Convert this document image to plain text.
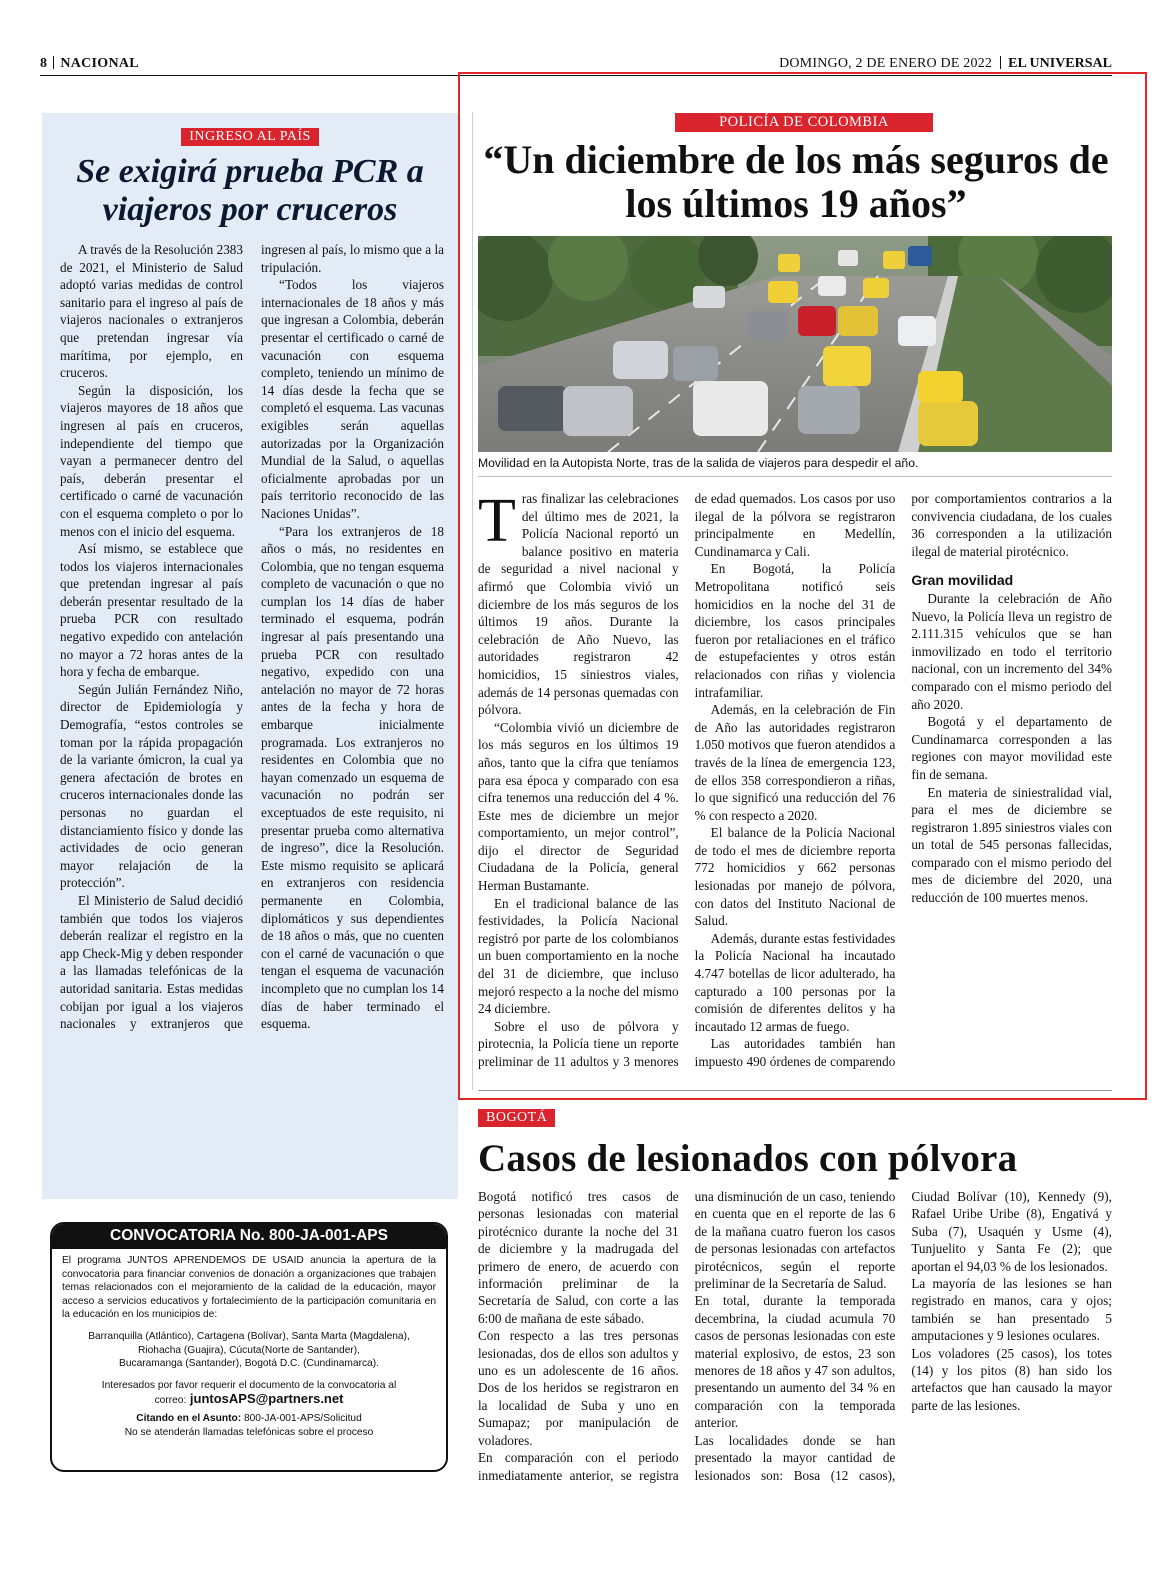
8 NACIONAL	DOMINGO, 2 DE ENERO DE 2022 EL UNIVERSAL
INGRESO AL PAÍS
Se exigirá prueba PCR a viajeros por cruceros

A través de la Resolución 2383 de 2021, el Ministerio de Salud adoptó varias medidas de control sanitario para el ingreso al país de viajeros nacionales o extranjeros que pretendan ingresar vía marítima, por ejemplo, en cruceros.

Según la disposición, los viajeros mayores de 18 años que ingresen al país en cruceros, independiente del tiempo que vayan a permanecer dentro del país, deberán presentar el certificado o carné de vacunación con el esquema completo o por lo menos con el inicio del esquema.

Así mismo, se establece que todos los viajeros internacionales que pretendan ingresar al país deberán presentar resultado de la prueba PCR con resultado negativo expedido con antelación no mayor a 72 horas antes de la hora y fecha de embarque.

Según Julián Fernández Niño, director de Epidemiología y Demografía, “estos controles se toman por la rápida propagación de la variante ómicron, la cual ya genera afectación de brotes en cruceros internacionales donde las personas no guardan el distanciamiento físico y donde las actividades de ocio generan mayor relajación de la protección”.

El Ministerio de Salud decidió también que todos los viajeros deberán realizar el registro en la app Check-Mig y deben responder a las llamadas telefónicas de la autoridad sanitaria. Estas medidas cobijan por igual a los viajeros nacionales y extranjeros que ingresen al país, lo mismo que a la tripulación.

“Todos los viajeros internacionales de 18 años y más que ingresan a Colombia, deberán presentar el certificado o carné de vacunación con esquema completo, teniendo un mínimo de 14 días desde la fecha que se completó el esquema. Las vacunas exigibles serán aquellas autorizadas por la Organización Mundial de la Salud, o aquellas oficialmente aprobadas por un país territorio reconocido de las Naciones Unidas”.

“Para los extranjeros de 18 años o más, no residentes en Colombia, que no tengan esquema completo de vacunación o que no cumplan los 14 días de haber terminado el esquema, podrán ingresar al país presentando una prueba PCR con resultado negativo, expedido con una antelación no mayor de 72 horas antes de la fecha y hora de embarque inicialmente programada. Los extranjeros no residentes en Colombia que no hayan comenzado un esquema de vacunación no podrán ser exceptuados de este requisito, ni presentar prueba como alternativa de ingreso”, dice la Resolución. Este mismo requisito se aplicará en extranjeros con residencia permanente en Colombia, diplomáticos y sus dependientes de 18 años o más, que no cuenten con el carné de vacunación o que tengan el esquema de vacunación incompleto que no cumplan los 14 días de haber terminado el esquema.

CONVOCATORIA No. 800-JA-001-APS
El programa JUNTOS APRENDEMOS DE USAID anuncia la apertura de la convocatoria para financiar convenios de donación a organizaciones que trabajen temas relacionados con el mejoramiento de la calidad de la educación, mayor acceso a servicios educativos y fortalecimiento de la participación comunitaria en la educación en los municipios de:
Barranquilla (Atlántico), Cartagena (Bolívar), Santa Marta (Magdalena),
Riohacha (Guajira), Cúcuta(Norte de Santander),
Bucaramanga (Santander), Bogotá D.C. (Cundinamarca).
Interesados por favor requerir el documento de la convocatoria al
correo: juntosAPS@partners.net
Citando en el Asunto: 800-JA-001-APS/Solicitud
No se atenderán llamadas telefónicas sobre el proceso
POLICÍA DE COLOMBIA
“Un diciembre de los más seguros de los últimos 19 años”
Movilidad en la Autopista Norte, tras de la salida de viajeros para despedir el año.

Tras finalizar las celebraciones del último mes de 2021, la Policía Nacional reportó un balance positivo en materia de seguridad a nivel nacional y afirmó que Colombia vivió un diciembre de los más seguros de los últimos 19 años. Durante la celebración de Año Nuevo, las autoridades registraron 42 homicidios, 15 siniestros viales, además de 14 personas quemadas con pólvora.

“Colombia vivió un diciembre de los más seguros en los últimos 19 años, tanto que la cifra que teníamos para esa época y comparado con esa cifra tenemos una reducción del 4 %. Este mes de diciembre un mejor comportamiento, un mejor control”, dijo el director de Seguridad Ciudadana de la Policía, general Herman Bustamante.

En el tradicional balance de las festividades, la Policía Nacional registró por parte de los colombianos un buen comportamiento en la noche del 31 de diciembre, que incluso mejoró respecto a la noche del mismo 24 diciembre.

Sobre el uso de pólvora y pirotecnia, la Policía tiene un reporte preliminar de 11 adultos y 3 menores de edad quemados. Los casos por uso ilegal de la pólvora se registraron principalmente en Medellín, Cundinamarca y Cali.

En Bogotá, la Policía Metropolitana notificó seis homicidios en la noche del 31 de diciembre, los casos principales fueron por retaliaciones en el tráfico de estupefacientes y otros están relacionados con riñas y violencia intrafamiliar.

Además, en la celebración de Fin de Año las autoridades registraron 1.050 motivos que fueron atendidos a través de la línea de emergencia 123, de ellos 358 correspondieron a riñas, lo que significó una reducción del 76 % con respecto a 2020.

El balance de la Policía Nacional de todo el mes de diciembre reporta 772 homicidios y 662 personas lesionadas por manejo de pólvora, con datos del Instituto Nacional de Salud.

Además, durante estas festividades la Policía Nacional ha incautado 4.747 botellas de licor adulterado, ha capturado a 100 personas por la comisión de diferentes delitos y ha incautado 12 armas de fuego.

Las autoridades también han impuesto 490 órdenes de comparendo por comportamientos contrarios a la convivencia ciudadana, de los cuales 36 corresponden a la utilización ilegal de material pirotécnico.

Gran movilidad

Durante la celebración de Año Nuevo, la Policía lleva un registro de 2.111.315 vehículos que se han inmovilizado en todo el territorio nacional, con un incremento del 34% comparado con el mismo periodo del año 2020.

Bogotá y el departamento de Cundinamarca corresponden a las regiones con mayor movilidad este fin de semana.

En materia de siniestralidad vial, para el mes de diciembre se registraron 1.895 siniestros viales con un total de 545 personas fallecidas, comparado con el mismo periodo del mes de diciembre del 2020, una reducción de 100 muertes menos.

BOGOTÁ
Casos de lesionados con pólvora

Bogotá notificó tres casos de personas lesionadas con material pirotécnico durante la noche del 31 de diciembre y la madrugada del primero de enero, de acuerdo con información preliminar de la Secretaría de Salud, con corte a las 6:00 de mañana de este sábado.

Con respecto a las tres personas lesionadas, dos de ellos son adultos y uno es un adolescente de 16 años. Dos de los heridos se registraron en la localidad de Suba y uno en Sumapaz; por manipulación de voladores.

En comparación con el periodo inmediatamente anterior, se registra una disminución de un caso, teniendo en cuenta que en el reporte de las 6 de la mañana cuatro fueron los casos de personas lesionadas con artefactos pirotécnicos, según el reporte preliminar de la Secretaría de Salud.

En total, durante la temporada decembrina, la ciudad acumula 70 casos de personas lesionadas con este material explosivo, de estos, 23 son menores de 18 años y 47 son adultos, presentando un aumento del 34 % en comparación con la temporada anterior.

Las localidades donde se han presentado la mayor cantidad de lesionados son: Bosa (12 casos), Ciudad Bolívar (10), Kennedy (9), Rafael Uribe Uribe (8), Engativá y Suba (7), Usaquén y Usme (4), Tunjuelito y Santa Fe (2); que aportan el 94,03 % de los lesionados.

La mayoría de las lesiones se han registrado en manos, cara y ojos; también se han presentado 5 amputaciones y 9 lesiones oculares.

Los voladores (25 casos), los totes (14) y los pitos (8) han sido los artefactos que han causado la mayor parte de las lesiones.
